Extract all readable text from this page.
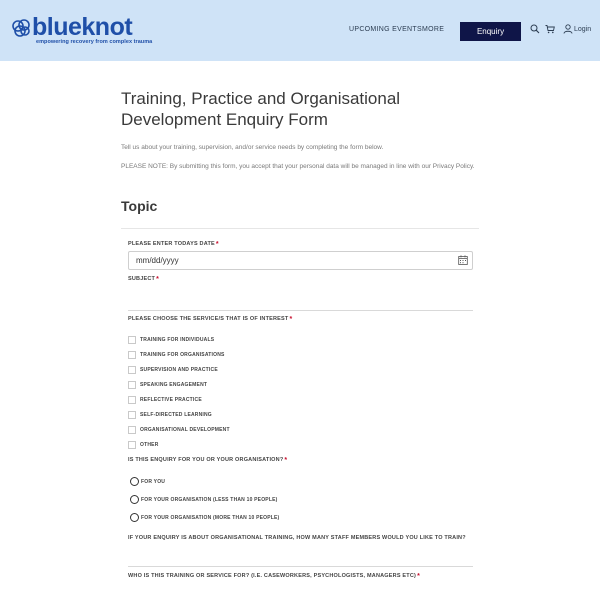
blueknot
empowering recovery from complex trauma
UPCOMING EVENTS MORE	Enquiry	Login
Training, Practice and Organisational Development Enquiry Form

Tell us about your training, supervision, and/or service needs by completing the form below.

PLEASE NOTE: By submitting this form, you accept that your personal data will be managed in line with our Privacy Policy.

Topic
PLEASE ENTER TODAYS DATE*
mm/dd/yyyy
SUBJECT*
PLEASE CHOOSE THE SERVICE/S THAT IS OF INTEREST*
TRAINING FOR INDIVIDUALS
TRAINING FOR ORGANISATIONS
SUPERVISION AND PRACTICE
SPEAKING ENGAGEMENT
REFLECTIVE PRACTICE
SELF-DIRECTED LEARNING
ORGANISATIONAL DEVELOPMENT
OTHER
IS THIS ENQUIRY FOR YOU OR YOUR ORGANISATION?*
FOR YOU
FOR YOUR ORGANISATION (LESS THAN 10 PEOPLE)
FOR YOUR ORGANISATION (MORE THAN 10 PEOPLE)
IF YOUR ENQUIRY IS ABOUT ORGANISATIONAL TRAINING, HOW MANY STAFF MEMBERS WOULD YOU LIKE TO TRAIN?
WHO IS THIS TRAINING OR SERVICE FOR? (I.E. CASEWORKERS, PSYCHOLOGISTS, MANAGERS ETC)*
